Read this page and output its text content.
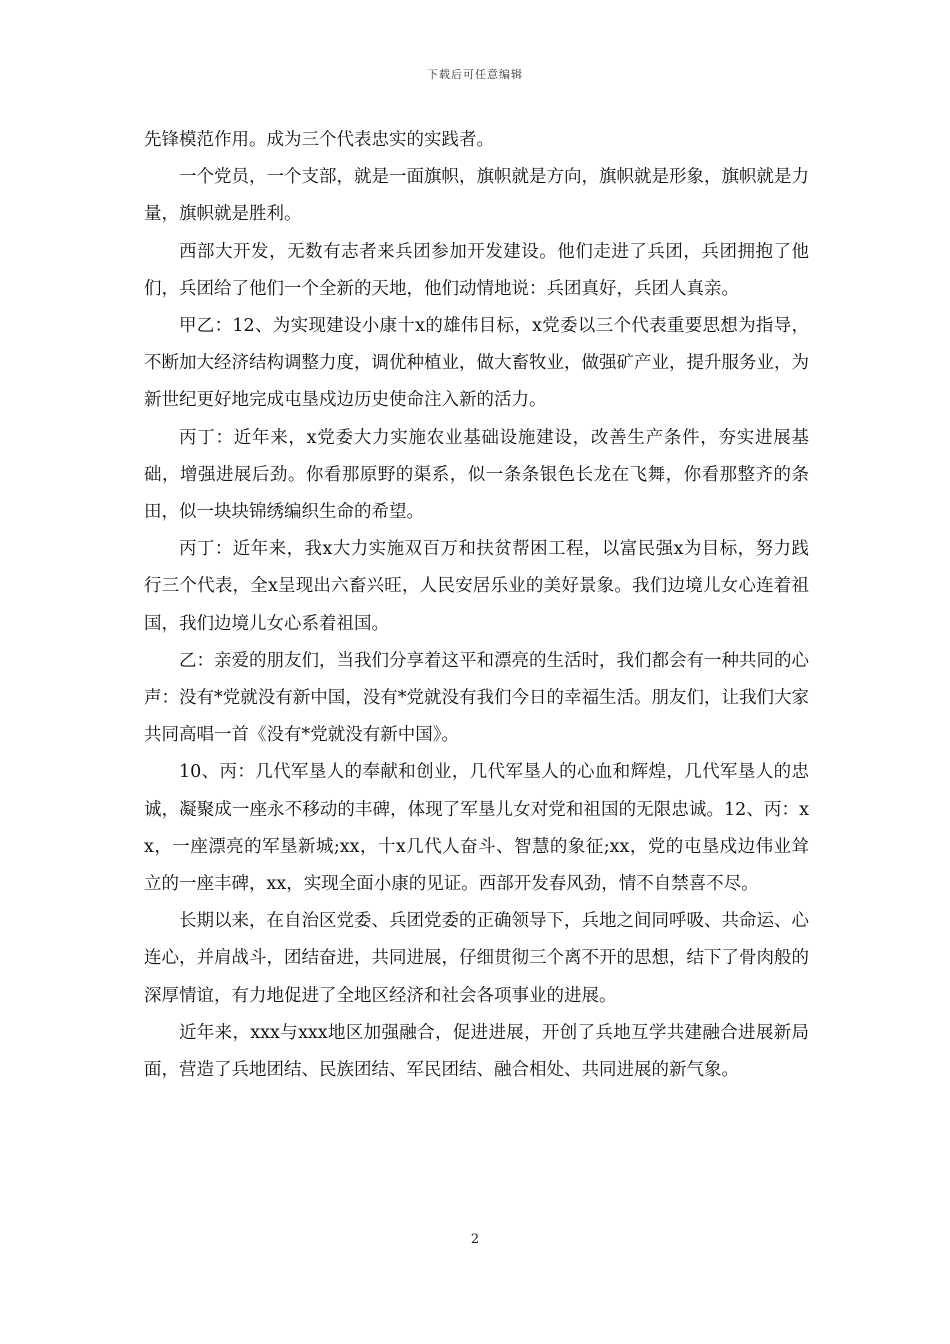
下载后可任意编辑

先锋模范作用。成为三个代表忠实的实践者。

一个党员，一个支部，就是一面旗帜，旗帜就是方向，旗帜就是形象，旗帜就是力量，旗帜就是胜利。

西部大开发，无数有志者来兵团参加开发建设。他们走进了兵团，兵团拥抱了他们，兵团给了他们一个全新的天地，他们动情地说：兵团真好，兵团人真亲。

甲乙：12、为实现建设小康十x的雄伟目标，x党委以三个代表重要思想为指导，不断加大经济结构调整力度，调优种植业，做大畜牧业，做强矿产业，提升服务业，为新世纪更好地完成屯垦戍边历史使命注入新的活力。

丙丁：近年来，x党委大力实施农业基础设施建设，改善生产条件，夯实进展基础，增强进展后劲。你看那原野的渠系，似一条条银色长龙在飞舞，你看那整齐的条田，似一块块锦绣编织生命的希望。

丙丁：近年来，我x大力实施双百万和扶贫帮困工程，以富民强x为目标，努力践行三个代表，全x呈现出六畜兴旺，人民安居乐业的美好景象。我们边境儿女心连着祖国，我们边境儿女心系着祖国。

乙：亲爱的朋友们，当我们分享着这平和漂亮的生活时，我们都会有一种共同的心声：没有*党就没有新中国，没有*党就没有我们今日的幸福生活。朋友们，让我们大家共同高唱一首《没有*党就没有新中国》。

10、丙：几代军垦人的奉献和创业，几代军垦人的心血和辉煌，几代军垦人的忠诚，凝聚成一座永不移动的丰碑，体现了军垦儿女对党和祖国的无限忠诚。12、丙：xx，一座漂亮的军垦新城;xx，十x几代人奋斗、智慧的象征;xx，党的屯垦戍边伟业耸立的一座丰碑，xx，实现全面小康的见证。西部开发春风劲，情不自禁喜不尽。

长期以来，在自治区党委、兵团党委的正确领导下，兵地之间同呼吸、共命运、心连心，并肩战斗，团结奋进，共同进展，仔细贯彻三个离不开的思想，结下了骨肉般的深厚情谊，有力地促进了全地区经济和社会各项事业的进展。

近年来，xxx与xxx地区加强融合，促进进展，开创了兵地互学共建融合进展新局面，营造了兵地团结、民族团结、军民团结、融合相处、共同进展的新气象。

2
